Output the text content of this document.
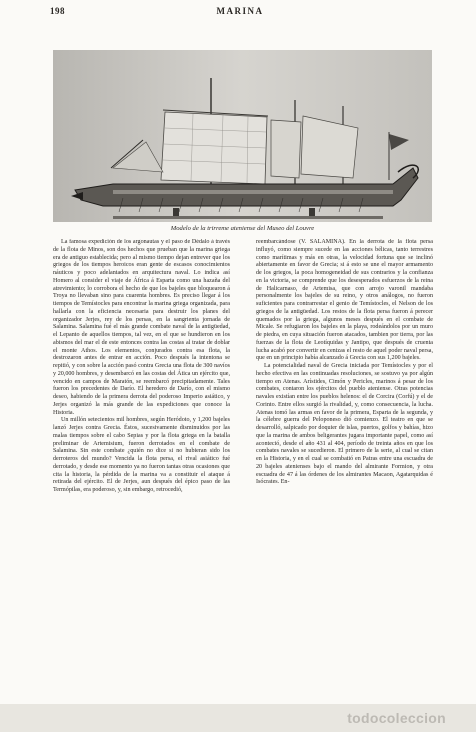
198	MARINA
Modelo de la trirreme ateniense del Museo del Louvre

La famosa expedición de los argonautas y el paso de Dédalo á través de la flota de Minos, son dos hechos que prueban que la marina griega era de antiguo establecida; pero al mismo tiempo dejan entrever que los griegos de los tiempos heroicos eran gente de escasos conocimientos náuticos y poco adelantados en arquitectura naval. Lo indica así Homero al consider el viaje de África á Esparta como una hazaña del atrevimiento; lo corrobora el hecho de que los bajeles que bloquearon á Troya no llevaban sino para cuarenta hombres. Es preciso llegar á los tiempos de Temístocles para encontrar la marina griega organizada, para hallarla con la eficiencia necesaria para destruir los planes del organizador Jerjes, rey de los persas, en la sangrienta jornada de Salamina. Salamina fué el más grande combate naval de la antigüedad, el Lepanto de aquellos tiempos, tal vez, en el que se hundieron en los abismos del mar el de este entonces contra las costas al tratar de doblar el monte Athos. Los elementos, conjurados contra esa flota, la destrozaron antes de entrar en acción. Poco después la intentona se repitió, y con sobre la acción pasó contra Grecia una flota de 300 navíos y 20,000 hombres, y desembarcó en las costas del Ática un ejército que, vencido en campos de Maratón, se reembarcó precipitadamente. Tales fueron los precedentes de Darío. El heredero de Darío, con el mismo deseo, habiendo de la primera derrota del poderoso Imperio asiático, y Jerjes organizó la más grande de las expediciones que conoce la Historia.

Un millón setecientos mil hombres, según Heródoto, y 1,200 bajeles lanzó Jerjes contra Grecia. Éstos, sucesivamente disminuidos por las malas tiempos sobre el cabo Sepias y por la flota griega en la batalla preliminar de Artemisium, fueron derrotados en el combate de Salamina. Sin este combate ¿quién no dice si no hubieran sido los derroteros del mundo? Vencida la flota persa, el rival asiático fué derrotado, y desde ese momento ya no fueron tantas otras ocasiones que cita la historia, la pérdida de la marina va a constituir el ataque á retirada del ejército. El de Jerjes, aun después del épico paso de las Termópilas, era poderoso, y, sin embargo, retrocedió,

reembarcándose (V. SALAMINA). En la derrota de la flota persa influyó, como siempre sucede en las acciones bélicas, tanto terrestres como marítimas y más en otras, la velocidad fortuna que se inclinó abiertamente en favor de Grecia; si á esto se une el mayor armamento de los griegos, la poca homogeneidad de sus contrarios y la confianza en la victoria, se comprende que los desesperados esfuerzos de la reina de Halicarnaso, de Artemisa, que con arrojo varonil mandaba personalmente los bajeles de su reino, y otros análogos, no fueron suficientes para contrarrestar el genio de Temístocles, el Nelson de los griegos de la antigüedad. Los restos de la flota persa fueron á perecer quemados por la griega, algunos meses después en el combate de Micale. Se refugiaron los bajeles en la playa, rodeándolos por un muro de piedra, en cuya situación fueron atacados, tambien por tierra, por las fuerzas de la flota de Leotíquidas y Jantipo, que después de cruenta lucha acabó por convertir en cenizas el resto de aquel poder naval persa, que en un principio había alcanzado á Grecia con sus 1,200 bajeles.

La potencialidad naval de Grecia iniciada por Temístocles y por el hecho efectiva en las continuadas resoluciones, se sostuvo ya por algún tiempo en Atenas. Arístides, Cimón y Pericles, marinos á pesar de los combates, contaron los ejércitos del pueblo ateniense. Otras potencias navales existían entre los pueblos helenos: el de Corcira (Corfú) y el de Corinto. Entre ellos surgió la rivalidad, y, como consecuencia, la lucha. Atenas tomó las armas en favor de la primera, Esparta de la segunda, y la célebre guerra del Peloponeso dió comienzo. El teatro en que se desarrolló, salpicado por doquier de islas, puertos, golfos y bahías, hizo que la marina de ambos beligerantes jugara importante papel, como así aconteció, desde el año 431 al 404, período de treinta años en que los combates navales se sucedieron. El primero de la serie, al cual se citan en la Historia, y en el cual se combatió en Patras entre una escuadra de 20 bajeles atenienses bajo el mando del almirante Formion, y otra escuadra de 47 á las órdenes de los almirantes Macaon, Agatarquidas é Isócrates. En-

todocoleccion
